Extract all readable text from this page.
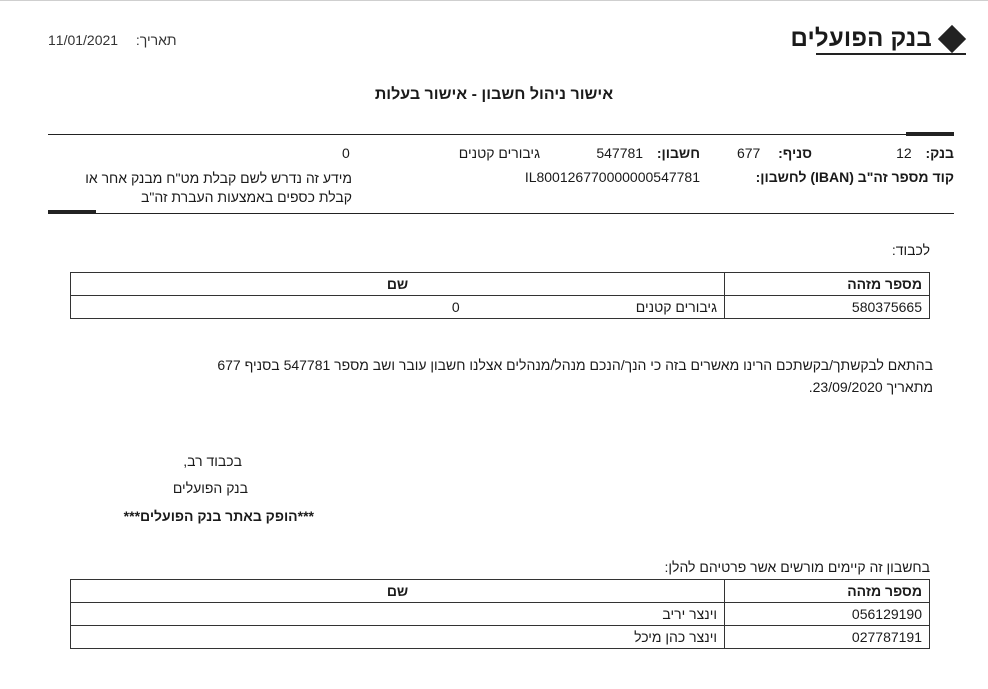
בנק הפועלים
תאריך:  11/01/2021
אישור ניהול חשבון - אישור בעלות
בנק:  12
סניף:  677
חשבון:  547781
גיבורים קטנים
0
קוד מספר זה"ב (IBAN) לחשבון:
IL800126770000000547781
מידע זה נדרש לשם קבלת מט"ח מבנק אחר או
קבלת כספים באמצעות העברת זה"ב
לכבוד:
מספר מזהה	שם
580375665	גיבורים קטנים 0
בהתאם לבקשתך/בקשתכם הרינו מאשרים בזה כי הנך/הנכם מנהל/מנהלים אצלנו חשבון עובר ושב מספר 547781 בסניף 677
מתאריך 23/09/2020.
בכבוד רב,
בנק הפועלים
***הופק באתר בנק הפועלים***
בחשבון זה קיימים מורשים אשר פרטיהם להלן:
מספר מזהה	שם
056129190	וינצר יריב
027787191	וינצר כהן מיכל
